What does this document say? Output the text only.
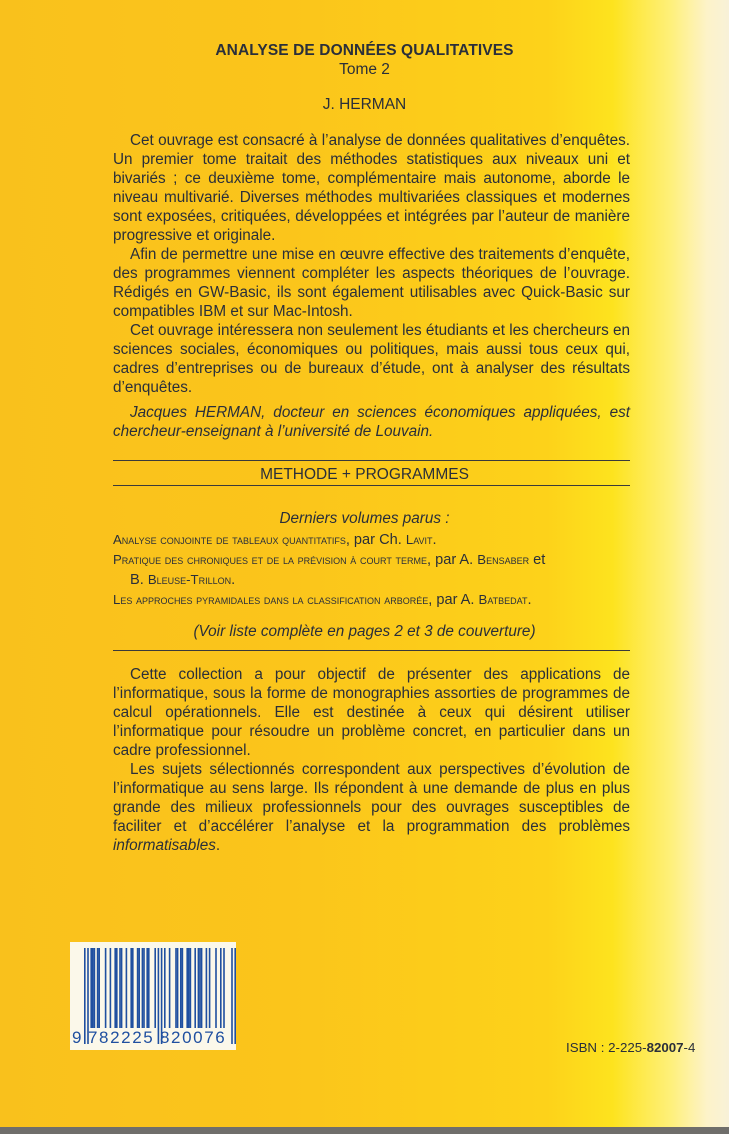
ANALYSE DE DONNÉES QUALITATIVES
Tome 2
J. HERMAN

Cet ouvrage est consacré à l’analyse de données qualitatives d’enquêtes. Un premier tome traitait des méthodes statistiques aux niveaux uni et bivariés ; ce deuxième tome, complémentaire mais autonome, aborde le niveau multivarié. Diverses méthodes multivariées classiques et modernes sont exposées, critiquées, développées et intégrées par l’auteur de manière progressive et originale.

Afin de permettre une mise en œuvre effective des traitements d’enquête, des programmes viennent compléter les aspects théoriques de l’ouvrage. Rédigés en GW-Basic, ils sont également utilisables avec Quick-Basic sur compatibles IBM et sur Mac-Intosh.

Cet ouvrage intéressera non seulement les étudiants et les chercheurs en sciences sociales, économiques ou politiques, mais aussi tous ceux qui, cadres d’entreprises ou de bureaux d’étude, ont à analyser des résultats d’enquêtes.

Jacques HERMAN, docteur en sciences économiques appliquées, est chercheur-enseignant à l’université de Louvain.

METHODE + PROGRAMMES
Derniers volumes parus :
Analyse conjointe de tableaux quantitatifs, par Ch. Lavit.
Pratique des chroniques et de la prévision à court terme, par A. Bensaber et
B. Bleuse-Trillon.
Les approches pyramidales dans la classification arborée, par A. Batbedat.
(Voir liste complète en pages 2 et 3 de couverture)

Cette collection a pour objectif de présenter des applications de l’informatique, sous la forme de monographies assorties de programmes de calcul opérationnels. Elle est destinée à ceux qui désirent utiliser l’informatique pour résoudre un problème concret, en particulier dans un cadre professionnel.

Les sujets sélectionnés correspondent aux perspectives d’évolution de l’informatique au sens large. Ils répondent à une demande de plus en plus grande des milieux professionnels pour des ouvrages susceptibles de faciliter et d’accélérer l’analyse et la programmation des problèmes informatisables.

9 782225 820076
ISBN : 2-225-82007-4
